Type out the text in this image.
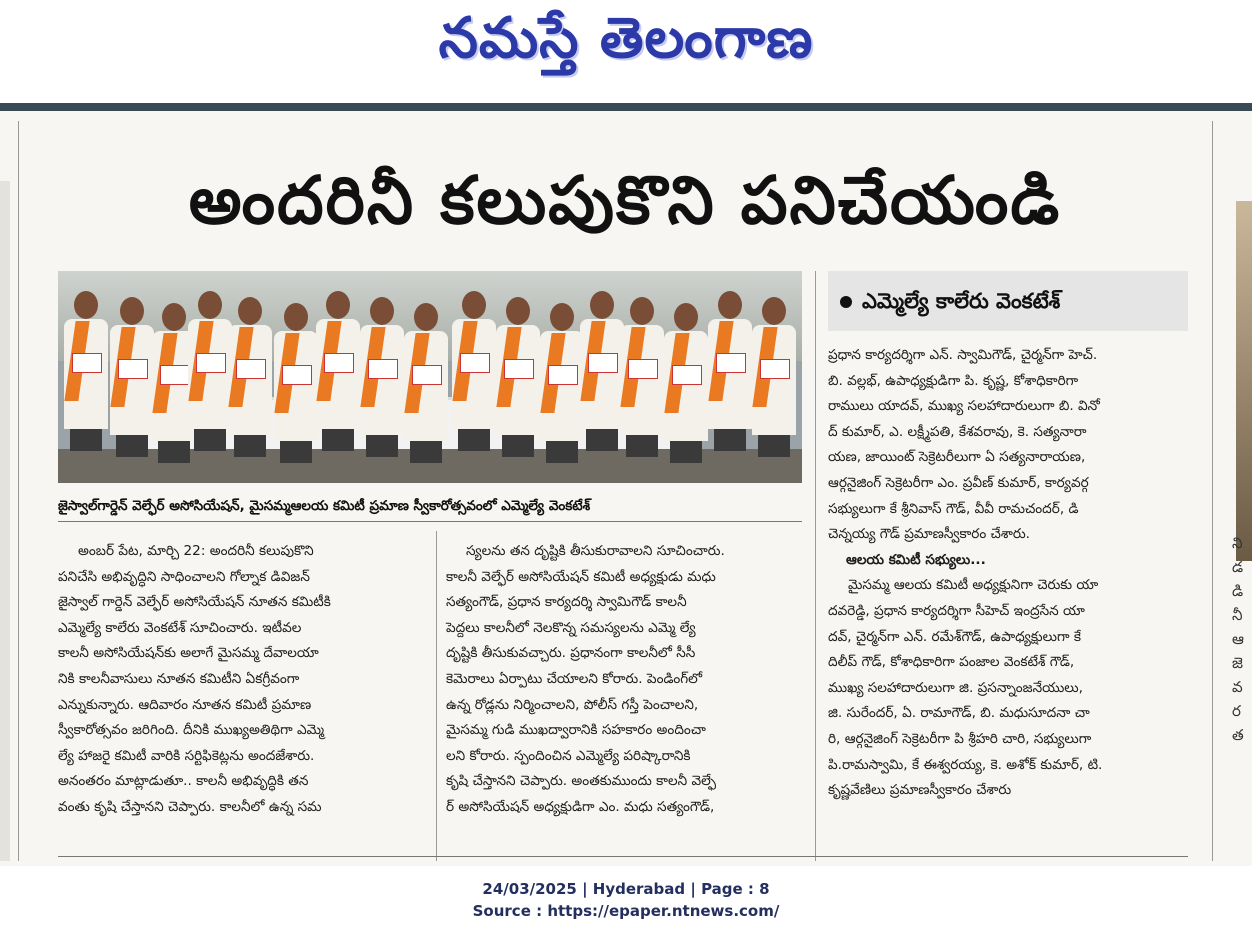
నమస్తే తెలంగాణ
ని
డ
డి
నీ
ఆ
జె
వ
ర
త
అందరినీ కలుపుకొని పనిచేయండి
జైస్వాల్‌గార్డెన్ వెల్ఫేర్ అసోసియేషన్, మైసమ్మఆలయ కమిటీ ప్రమాణ స్వీకారోత్సవంలో ఎమ్మెల్యే వెంకటేశ్
అంబర్ పేట, మార్చి 22: అందరినీ కలుపుకొని
పనిచేసి అభివృద్ధిని సాధించాలని గోల్నాక డివిజన్
జైస్వాల్ గార్డెన్ వెల్ఫేర్ అసోసియేషన్ నూతన కమిటీకి
ఎమ్మెల్యే కాలేరు వెంకటేశ్ సూచించారు. ఇటీవల
కాలనీ అసోసియేషన్‌కు అలాగే మైసమ్మ దేవాలయా
నికి కాలనీవాసులు నూతన కమిటీని ఏకగ్రీవంగా
ఎన్నుకున్నారు. ఆదివారం నూతన కమిటీ ప్రమాణ
స్వీకారోత్సవం జరిగింది. దీనికి ముఖ్యఅతిథిగా ఎమ్మె
ల్యే హాజరై కమిటీ వారికి సర్టిఫికెట్లను అందజేశారు.
అనంతరం మాట్లాడుతూ.. కాలనీ అభివృద్ధికి తన
వంతు కృషి చేస్తానని చెప్పారు. కాలనీలో ఉన్న సమ
స్యలను తన దృష్టికి తీసుకురావాలని సూచించారు.
కాలనీ వెల్ఫేర్ అసోసియేషన్ కమిటీ అధ్యక్షుడు మధు
సత్యంగౌడ్, ప్రధాన కార్యదర్శి స్వామిగౌడ్ కాలనీ
పెద్దలు కాలనీలో నెలకొన్న సమస్యలను ఎమ్మె ల్యే
దృష్టికి తీసుకువచ్చారు. ప్రధానంగా కాలనీలో సీసీ
కెమెరాలు ఏర్పాటు చేయాలని కోరారు. పెండింగ్‌లో
ఉన్న రోడ్లను నిర్మించాలని, పోలీస్ గస్తీ పెంచాలని,
మైసమ్మ గుడి ముఖద్వారానికి సహకారం అందించా
లని కోరారు. స్పందించిన ఎమ్మెల్యే పరిష్కారానికి
కృషి చేస్తానని చెప్పారు. అంతకుముందు కాలనీ వెల్ఫే
ర్ అసోసియేషన్ అధ్యక్షుడిగా ఎం. మధు సత్యంగౌడ్,
ఎమ్మెల్యే కాలేరు వెంకటేశ్
ప్రధాన కార్యదర్శిగా ఎన్. స్వామిగౌడ్, చైర్మన్‌గా హెచ్.
బి. వల్లభ్, ఉపాధ్యక్షుడిగా పి. కృష్ణ, కోశాధికారిగా
రాములు యాదవ్, ముఖ్య సలహాదారులుగా బి. వినో
ద్ కుమార్, ఎ. లక్ష్మీపతి, కేశవరావు, కె. సత్యనారా
యణ, జాయింట్ సెక్రెటరీలుగా ఏ సత్యనారాయణ,
ఆర్గనైజింగ్ సెక్రెటరీగా ఎం. ప్రవీణ్ కుమార్, కార్యవర్గ
సభ్యులుగా కే శ్రీనివాస్ గౌడ్, వీవీ రామచందర్, డి
చెన్నయ్య గౌడ్ ప్రమాణస్వీకారం చేశారు.
ఆలయ కమిటీ సభ్యులు...
మైసమ్మ ఆలయ కమిటీ అధ్యక్షునిగా చెరుకు యా
దవరెడ్డి, ప్రధాన కార్యదర్శిగా సీహెచ్ ఇంద్రసేన యా
దవ్, చైర్మన్‌గా ఎన్. రమేశ్‌గౌడ్, ఉపాధ్యక్షులుగా కే
దిలీప్ గౌడ్, కోశాధికారిగా పంజాల వెంకటేశ్ గౌడ్,
ముఖ్య సలహాదారులుగా జి. ప్రసన్నాంజనేయులు,
జి. సురేందర్, ఏ. రామాగౌడ్, బి. మధుసూదనా చా
రి, ఆర్గనైజింగ్ సెక్రెటరీగా పి శ్రీహరి చారి, సభ్యులుగా
పి.రామస్వామి, కే ఈశ్వరయ్య, కె. అశోక్ కుమార్, టి.
కృష్ణవేణిలు ప్రమాణస్వీకారం చేశారు
24/03/2025 | Hyderabad | Page : 8
Source : https://epaper.ntnews.com/
